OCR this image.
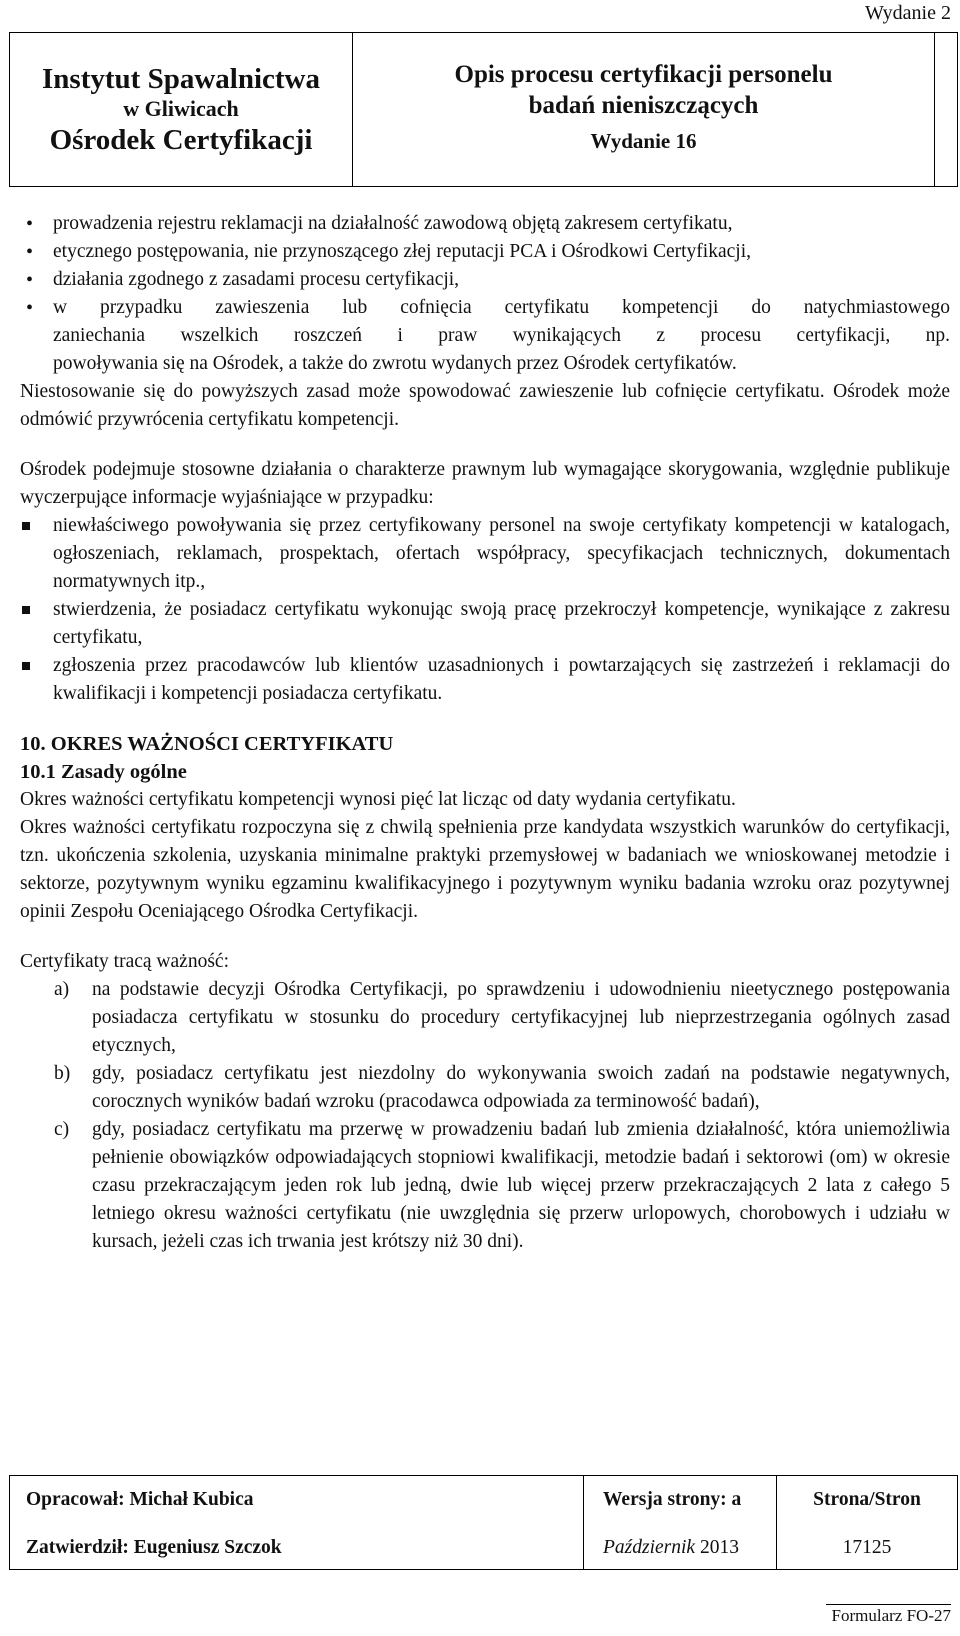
Wydanie 2
Instytut Spawalnictwa
w Gliwicach
Ośrodek Certyfikacji
Opis procesu certyfikacji personelu
badań nieniszczących
Wydanie 16
• prowadzenia rejestru reklamacji na działalność zawodową objętą zakresem certyfikatu,
• etycznego postępowania, nie przynoszącego złej reputacji PCA i Ośrodkowi Certyfikacji,
• działania zgodnego z zasadami procesu certyfikacji,
• w przypadku zawieszenia lub cofnięcia certyfikatu kompetencji do natychmiastowego
zaniechania wszelkich roszczeń i praw wynikających z procesu certyfikacji, np.
powoływania się na Ośrodek, a także do zwrotu wydanych przez Ośrodek certyfikatów.

Niestosowanie się do powyższych zasad może spowodować zawieszenie lub cofnięcie certyfikatu. Ośrodek może odmówić przywrócenia certyfikatu kompetencji.

Ośrodek podejmuje stosowne działania o charakterze prawnym lub wymagające skorygowania, względnie publikuje wyczerpujące informacje wyjaśniające w przypadku:

niewłaściwego powoływania się przez certyfikowany personel na swoje certyfikaty kompetencji w katalogach, ogłoszeniach, reklamach, prospektach, ofertach współpracy, specyfikacjach technicznych, dokumentach normatywnych itp.,
stwierdzenia, że posiadacz certyfikatu wykonując swoją pracę przekroczył kompetencje, wynikające z zakresu certyfikatu,
zgłoszenia przez pracodawców lub klientów uzasadnionych i powtarzających się zastrzeżeń i reklamacji do kwalifikacji i kompetencji posiadacza certyfikatu.
10. OKRES WAŻNOŚCI CERTYFIKATU
10.1 Zasady ogólne

Okres ważności certyfikatu kompetencji wynosi pięć lat licząc od daty wydania certyfikatu.

Okres ważności certyfikatu rozpoczyna się z chwilą spełnienia prze kandydata wszystkich warunków do certyfikacji, tzn. ukończenia szkolenia, uzyskania minimalne praktyki przemysłowej w badaniach we wnioskowanej metodzie i sektorze, pozytywnym wyniku egzaminu kwalifikacyjnego i pozytywnym wyniku badania wzroku oraz pozytywnej opinii Zespołu Oceniającego Ośrodka Certyfikacji.

Certyfikaty tracą ważność:

a) na podstawie decyzji Ośrodka Certyfikacji, po sprawdzeniu i udowodnieniu nieetycznego postępowania posiadacza certyfikatu w stosunku do procedury certyfikacyjnej lub nieprzestrzegania ogólnych zasad etycznych,
b) gdy, posiadacz certyfikatu jest niezdolny do wykonywania swoich zadań na podstawie negatywnych, corocznych wyników badań wzroku (pracodawca odpowiada za terminowość badań),
c) gdy, posiadacz certyfikatu ma przerwę w prowadzeniu badań lub zmienia działalność, która uniemożliwia pełnienie obowiązków odpowiadających stopniowi kwalifikacji, metodzie badań i sektorowi (om) w okresie czasu przekraczającym jeden rok lub jedną, dwie lub więcej przerw przekraczających 2 lata z całego 5 letniego okresu ważności certyfikatu (nie uwzględnia się przerw urlopowych, chorobowych i udziału w kursach, jeżeli czas ich trwania jest krótszy niż 30 dni).
Opracował: Michał Kubica
Zatwierdził: Eugeniusz Szczok
Wersja strony: a
Październik 2013
Strona/Stron
17125
Formularz FO-27
